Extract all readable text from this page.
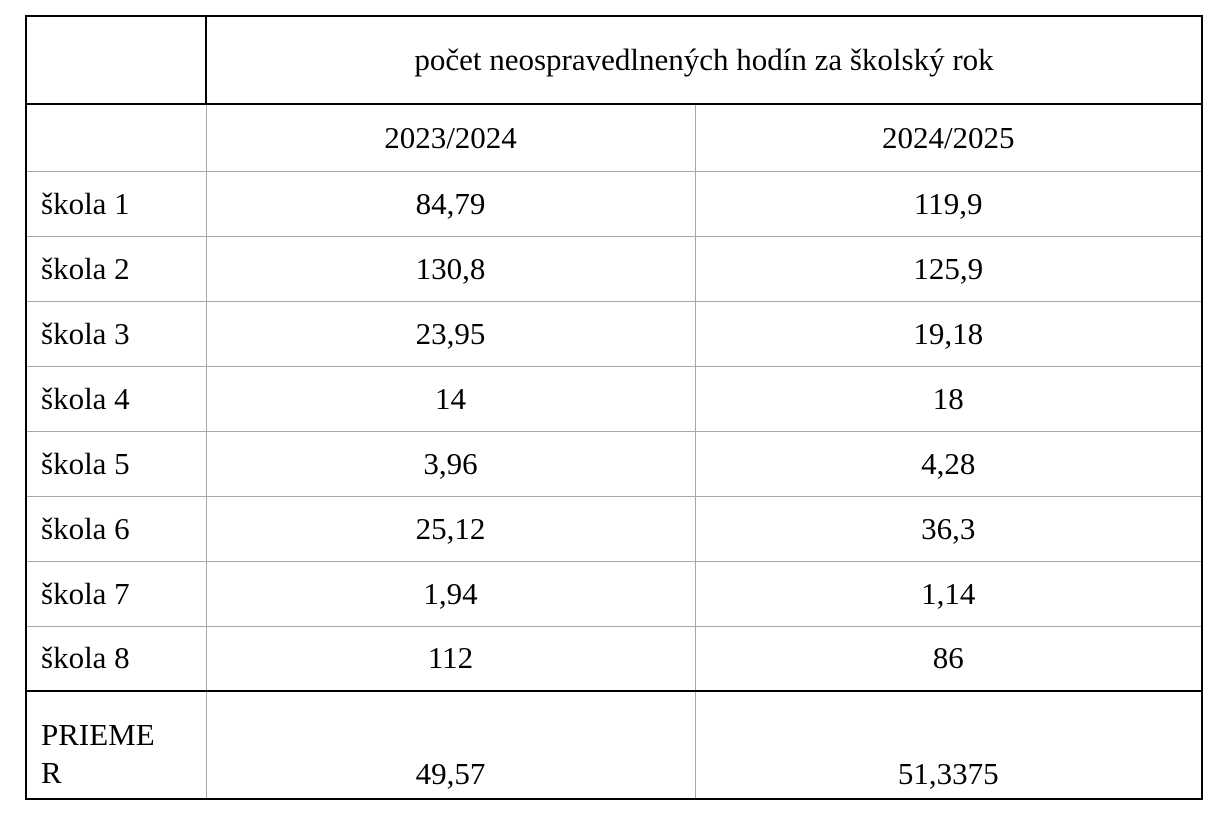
	počet neospravedlnených hodín za školský rok	
	2023/2024	2024/2025
škola 1	84,79	119,9
škola 2	130,8	125,9
škola 3	23,95	19,18
škola 4	14	18
škola 5	3,96	4,28
škola 6	25,12	36,3
škola 7	1,94	1,14
škola 8	112	86
PRIEME
R	49,57	51,3375
